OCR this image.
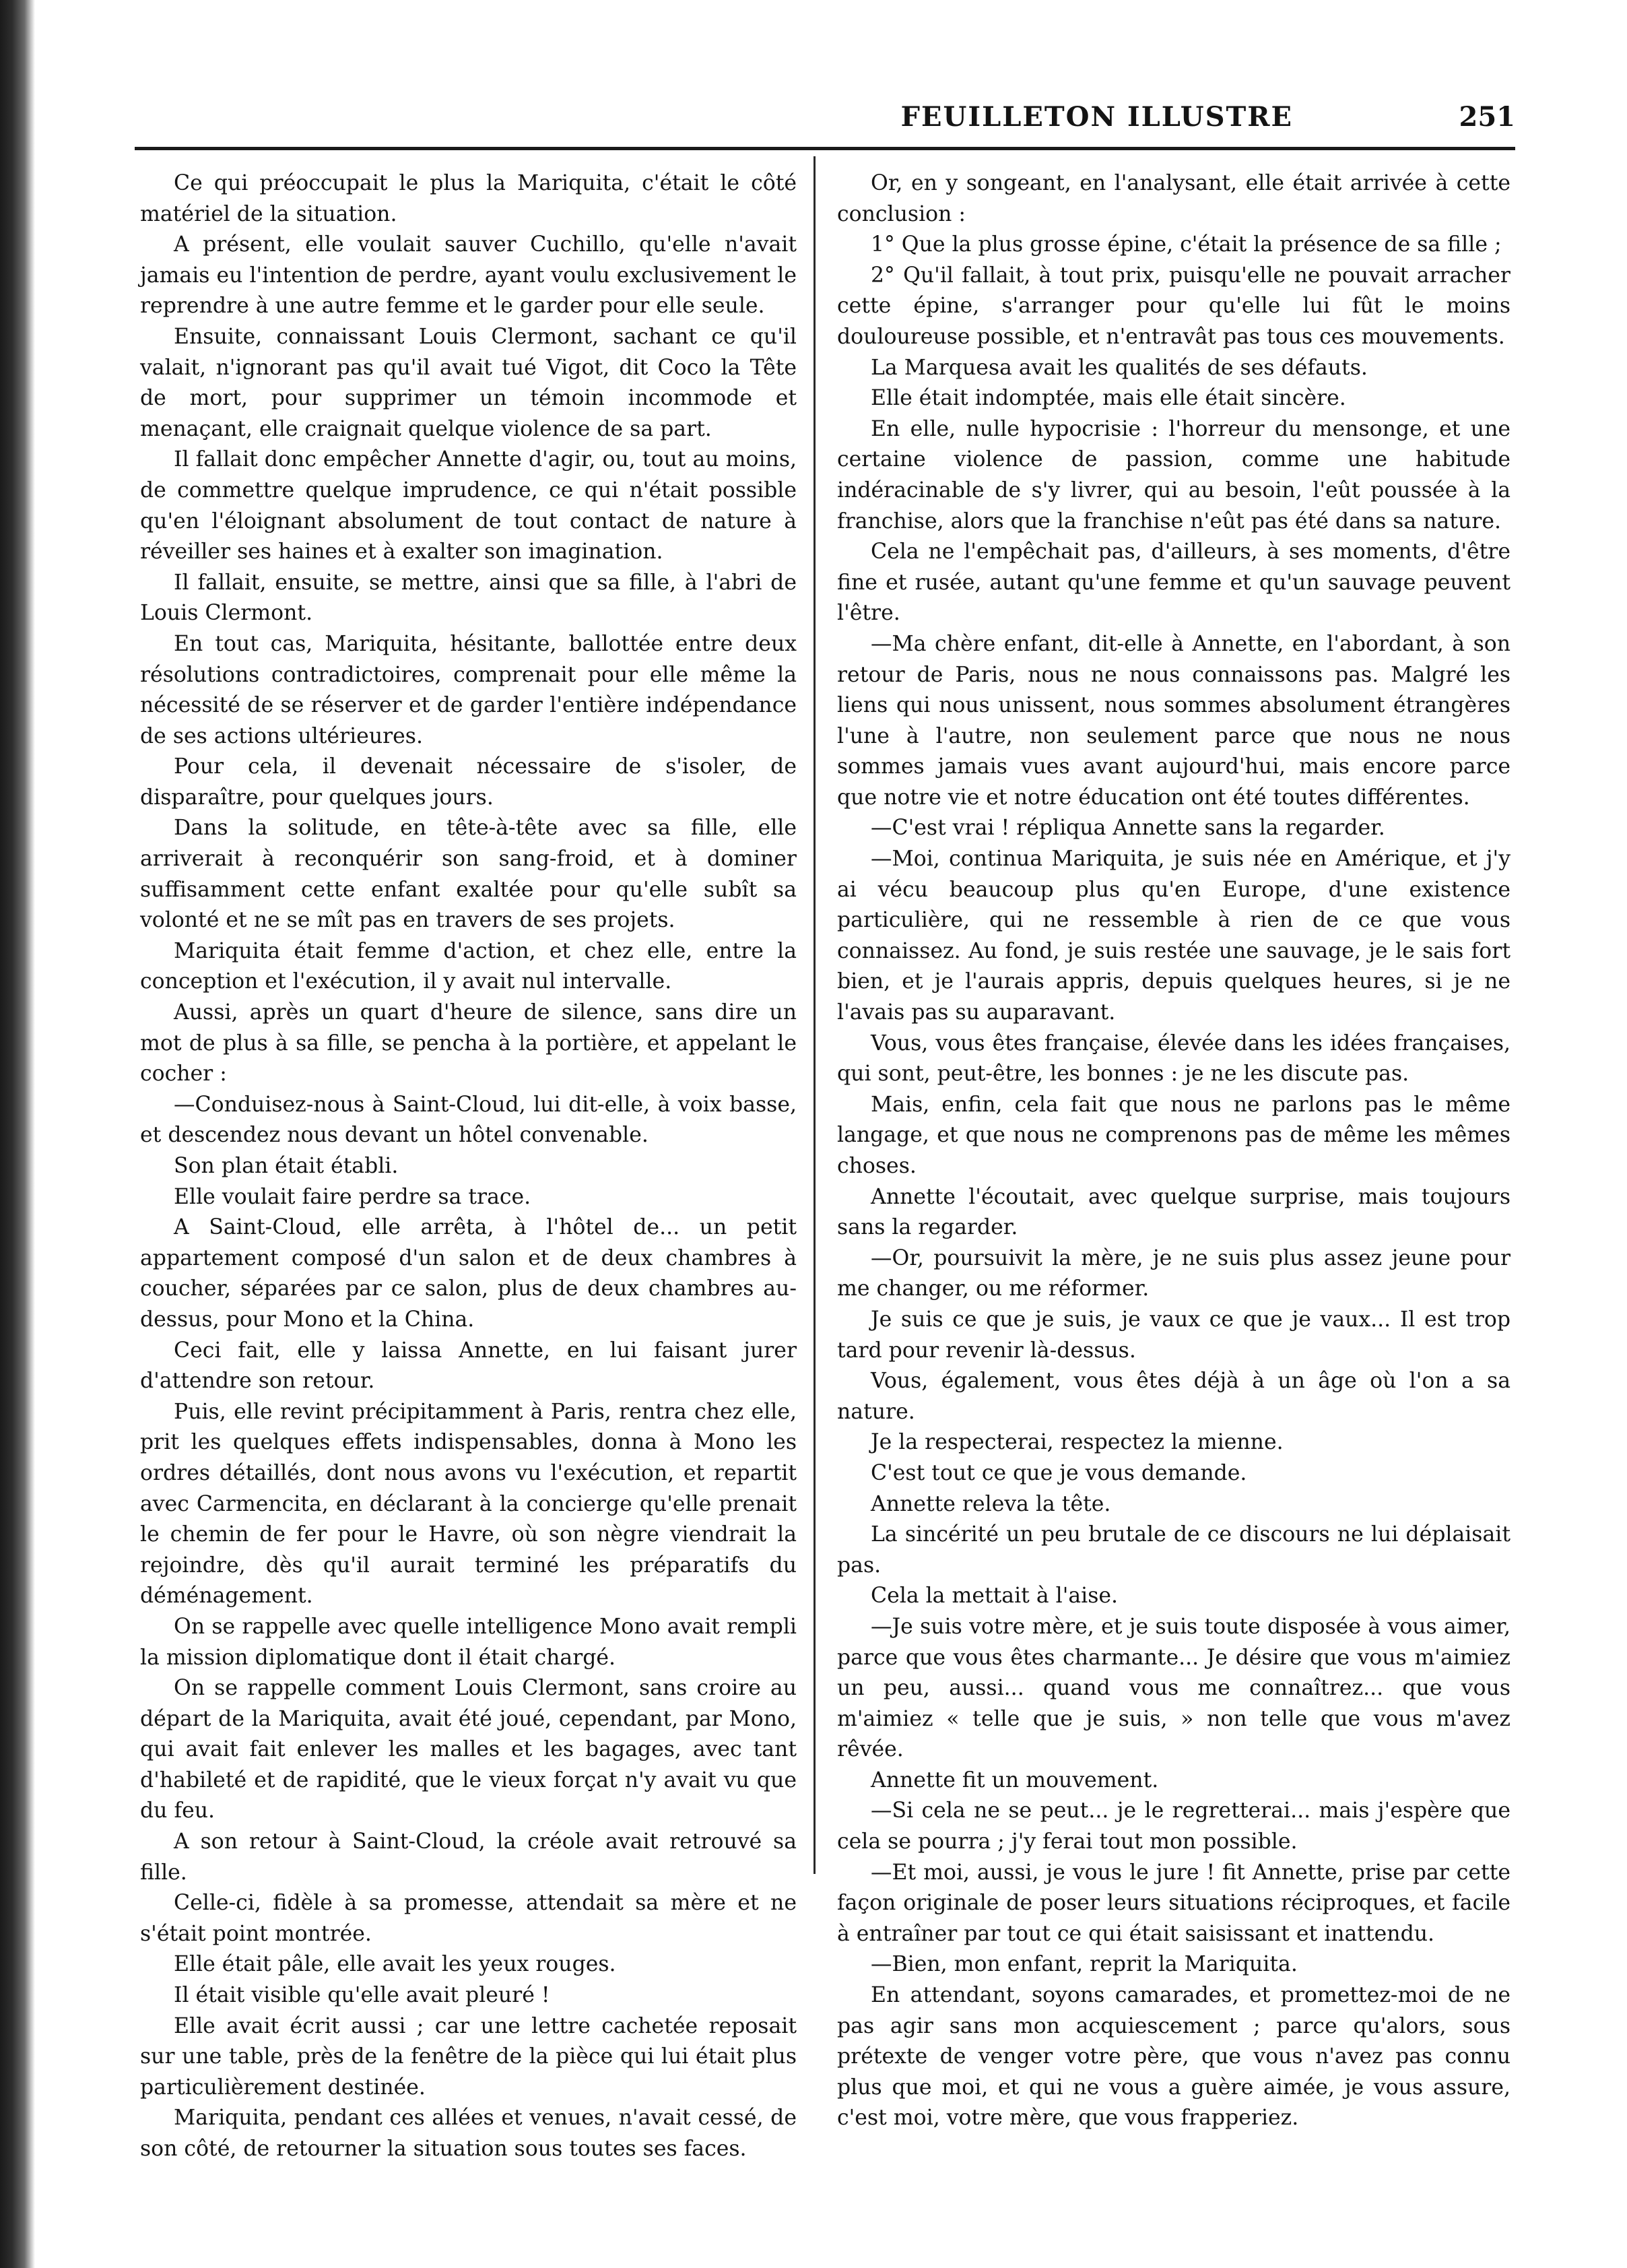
FEUILLETON ILLUSTRE	251

Ce qui préoccupait le plus la Mariquita, c'était le côté matériel de la situation.

A présent, elle voulait sauver Cuchillo, qu'elle n'avait jamais eu l'intention de perdre, ayant voulu exclusivement le reprendre à une autre femme et le garder pour elle seule.

Ensuite, connaissant Louis Clermont, sachant ce qu'il valait, n'ignorant pas qu'il avait tué Vigot, dit Coco la Tête de mort, pour supprimer un témoin incommode et menaçant, elle craignait quelque violence de sa part.

Il fallait donc empêcher Annette d'agir, ou, tout au moins, de commettre quelque imprudence, ce qui n'était possible qu'en l'éloignant absolument de tout contact de nature à réveiller ses haines et à exalter son imagination.

Il fallait, ensuite, se mettre, ainsi que sa fille, à l'abri de Louis Clermont.

En tout cas, Mariquita, hésitante, ballottée entre deux résolutions contradictoires, comprenait pour elle même la nécessité de se réserver et de garder l'entière indépendance de ses actions ultérieures.

Pour cela, il devenait nécessaire de s'isoler, de disparaître, pour quelques jours.

Dans la solitude, en tête-à-tête avec sa fille, elle arriverait à reconquérir son sang-froid, et à dominer suffisamment cette enfant exaltée pour qu'elle subît sa volonté et ne se mît pas en travers de ses projets.

Mariquita était femme d'action, et chez elle, entre la conception et l'exécution, il y avait nul intervalle.

Aussi, après un quart d'heure de silence, sans dire un mot de plus à sa fille, se pencha à la portière, et appelant le cocher :

—Conduisez-nous à Saint-Cloud, lui dit-elle, à voix basse, et descendez nous devant un hôtel convenable.

Son plan était établi.

Elle voulait faire perdre sa trace.

A Saint-Cloud, elle arrêta, à l'hôtel de... un petit appartement composé d'un salon et de deux chambres à coucher, séparées par ce salon, plus de deux chambres au-dessus, pour Mono et la China.

Ceci fait, elle y laissa Annette, en lui faisant jurer d'attendre son retour.

Puis, elle revint précipitamment à Paris, rentra chez elle, prit les quelques effets indispensables, donna à Mono les ordres détaillés, dont nous avons vu l'exécution, et repartit avec Carmencita, en déclarant à la concierge qu'elle prenait le chemin de fer pour le Havre, où son nègre viendrait la rejoindre, dès qu'il aurait terminé les préparatifs du déménagement.

On se rappelle avec quelle intelligence Mono avait rempli la mission diplomatique dont il était chargé.

On se rappelle comment Louis Clermont, sans croire au départ de la Mariquita, avait été joué, cependant, par Mono, qui avait fait enlever les malles et les bagages, avec tant d'habileté et de rapidité, que le vieux forçat n'y avait vu que du feu.

A son retour à Saint-Cloud, la créole avait retrouvé sa fille.

Celle-ci, fidèle à sa promesse, attendait sa mère et ne s'était point montrée.

Elle était pâle, elle avait les yeux rouges.

Il était visible qu'elle avait pleuré !

Elle avait écrit aussi ; car une lettre cachetée reposait sur une table, près de la fenêtre de la pièce qui lui était plus particulièrement destinée.

Mariquita, pendant ces allées et venues, n'avait cessé, de son côté, de retourner la situation sous toutes ses faces.

Or, en y songeant, en l'analysant, elle était arrivée à cette conclusion :

1° Que la plus grosse épine, c'était la présence de sa fille ;

2° Qu'il fallait, à tout prix, puisqu'elle ne pouvait arracher cette épine, s'arranger pour qu'elle lui fût le moins douloureuse possible, et n'entravât pas tous ces mouvements.

La Marquesa avait les qualités de ses défauts.

Elle était indomptée, mais elle était sincère.

En elle, nulle hypocrisie : l'horreur du mensonge, et une certaine violence de passion, comme une habitude indéracinable de s'y livrer, qui au besoin, l'eût poussée à la franchise, alors que la franchise n'eût pas été dans sa nature.

Cela ne l'empêchait pas, d'ailleurs, à ses moments, d'être fine et rusée, autant qu'une femme et qu'un sauvage peuvent l'être.

—Ma chère enfant, dit-elle à Annette, en l'abordant, à son retour de Paris, nous ne nous connaissons pas. Malgré les liens qui nous unissent, nous sommes absolument étrangères l'une à l'autre, non seulement parce que nous ne nous sommes jamais vues avant aujourd'hui, mais encore parce que notre vie et notre éducation ont été toutes différentes.

—C'est vrai ! répliqua Annette sans la regarder.

—Moi, continua Mariquita, je suis née en Amérique, et j'y ai vécu beaucoup plus qu'en Europe, d'une existence particulière, qui ne ressemble à rien de ce que vous connaissez. Au fond, je suis restée une sauvage, je le sais fort bien, et je l'aurais appris, depuis quelques heures, si je ne l'avais pas su auparavant.

Vous, vous êtes française, élevée dans les idées françaises, qui sont, peut-être, les bonnes : je ne les discute pas.

Mais, enfin, cela fait que nous ne parlons pas le même langage, et que nous ne comprenons pas de même les mêmes choses.

Annette l'écoutait, avec quelque surprise, mais toujours sans la regarder.

—Or, poursuivit la mère, je ne suis plus assez jeune pour me changer, ou me réformer.

Je suis ce que je suis, je vaux ce que je vaux... Il est trop tard pour revenir là-dessus.

Vous, également, vous êtes déjà à un âge où l'on a sa nature.

Je la respecterai, respectez la mienne.

C'est tout ce que je vous demande.

Annette releva la tête.

La sincérité un peu brutale de ce discours ne lui déplaisait pas.

Cela la mettait à l'aise.

—Je suis votre mère, et je suis toute disposée à vous aimer, parce que vous êtes charmante... Je désire que vous m'aimiez un peu, aussi... quand vous me connaîtrez... que vous m'aimiez « telle que je suis, » non telle que vous m'avez rêvée.

Annette fit un mouvement.

—Si cela ne se peut... je le regretterai... mais j'espère que cela se pourra ; j'y ferai tout mon possible.

—Et moi, aussi, je vous le jure ! fit Annette, prise par cette façon originale de poser leurs situations réciproques, et facile à entraîner par tout ce qui était saisissant et inattendu.

—Bien, mon enfant, reprit la Mariquita.

En attendant, soyons camarades, et promettez-moi de ne pas agir sans mon acquiescement ; parce qu'alors, sous prétexte de venger votre père, que vous n'avez pas connu plus que moi, et qui ne vous a guère aimée, je vous assure, c'est moi, votre mère, que vous frapperiez.
